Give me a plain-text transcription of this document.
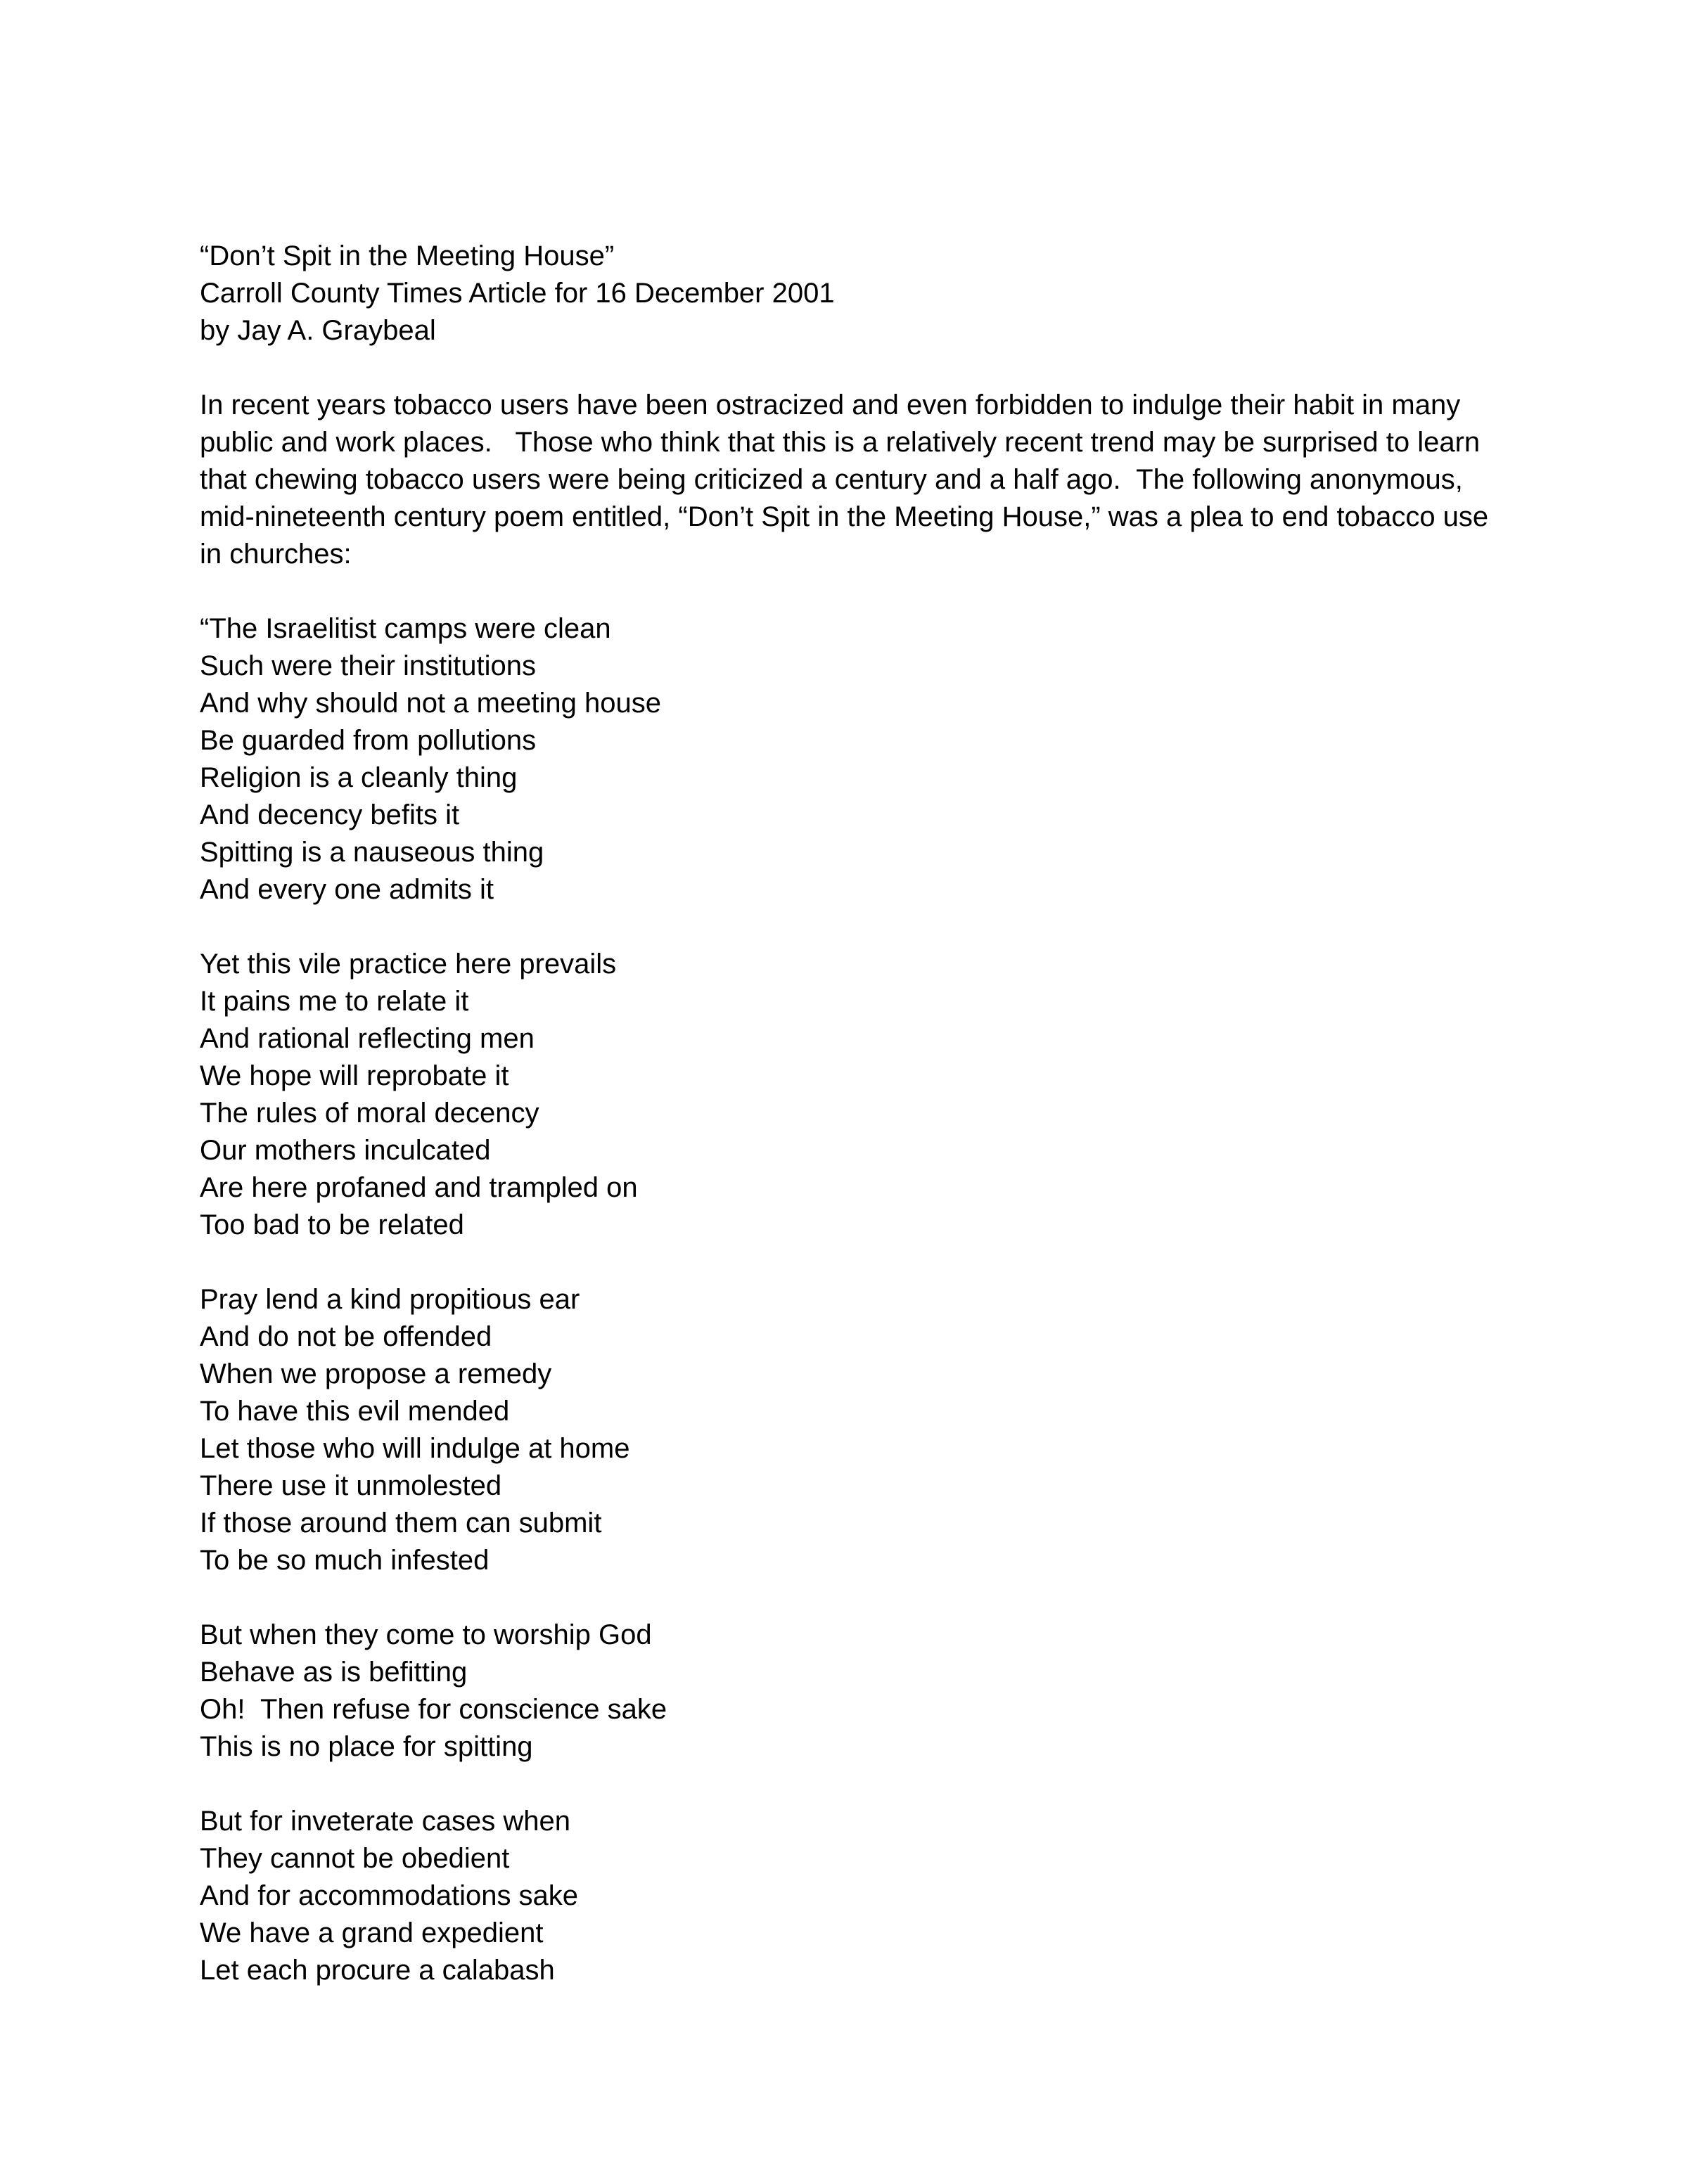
“Don’t Spit in the Meeting House”
Carroll County Times Article for 16 December 2001
by Jay A. Graybeal

In recent years tobacco users have been ostracized and even forbidden to indulge their habit in many
public and work places.   Those who think that this is a relatively recent trend may be surprised to learn
that chewing tobacco users were being criticized a century and a half ago.  The following anonymous,
mid-nineteenth century poem entitled, “Don’t Spit in the Meeting House,” was a plea to end tobacco use
in churches:

“The Israelitist camps were clean
Such were their institutions
And why should not a meeting house
Be guarded from pollutions
Religion is a cleanly thing
And decency befits it
Spitting is a nauseous thing
And every one admits it
Yet this vile practice here prevails
It pains me to relate it
And rational reflecting men
We hope will reprobate it
The rules of moral decency
Our mothers inculcated
Are here profaned and trampled on
Too bad to be related
Pray lend a kind propitious ear
And do not be offended
When we propose a remedy
To have this evil mended
Let those who will indulge at home
There use it unmolested
If those around them can submit
To be so much infested
But when they come to worship God
Behave as is befitting
Oh!  Then refuse for conscience sake
This is no place for spitting
But for inveterate cases when
They cannot be obedient
And for accommodations sake
We have a grand expedient
Let each procure a calabash
